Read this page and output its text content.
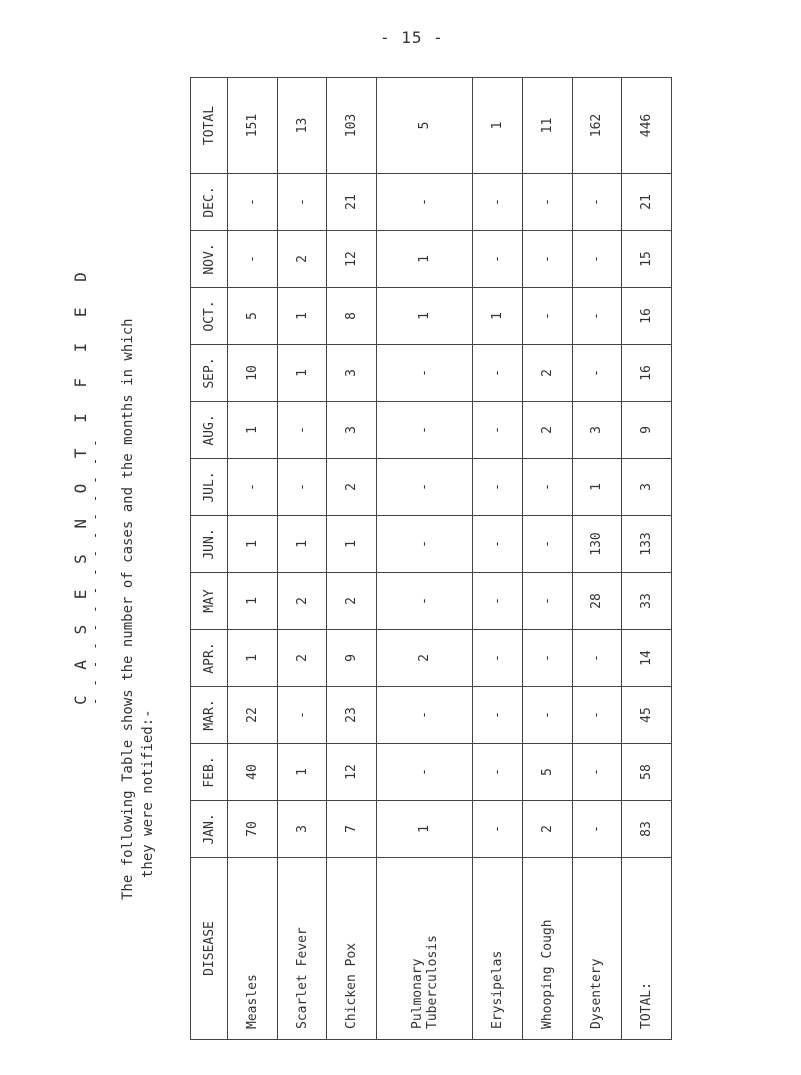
- 15 -
C A S E S N O T I F I E D
- - - - - - - - - - - - - - - The following Table shows the number of cases and the months in which they were notified:-
DISEASE	JAN.	FEB.	MAR.	APR.	MAY	JUN.	JUL.	AUG.	SEP.	OCT.	NOV.	DEC.	TOTAL
Measles	70	40	22	1	1	1	-	1	10	5	-	-	151
Scarlet Fever	3	1	-	2	2	1	-	-	1	1	2	-	13
Chicken Pox	7	12	23	9	2	1	2	3	3	8	12	21	103
Pulmonary Tuberculosis	1	-	-	2	-	-	-	-	-	1	1	-	5
Erysipelas	-	-	-	-	-	-	-	-	-	1	-	-	1
Whooping Cough	2	5	-	-	-	-	-	2	2	-	-	-	11
Dysentery	-	-	-	-	28	130	1	3	-	-	-	-	162
TOTAL:	83	58	45	14	33	133	3	9	16	16	15	21	446
